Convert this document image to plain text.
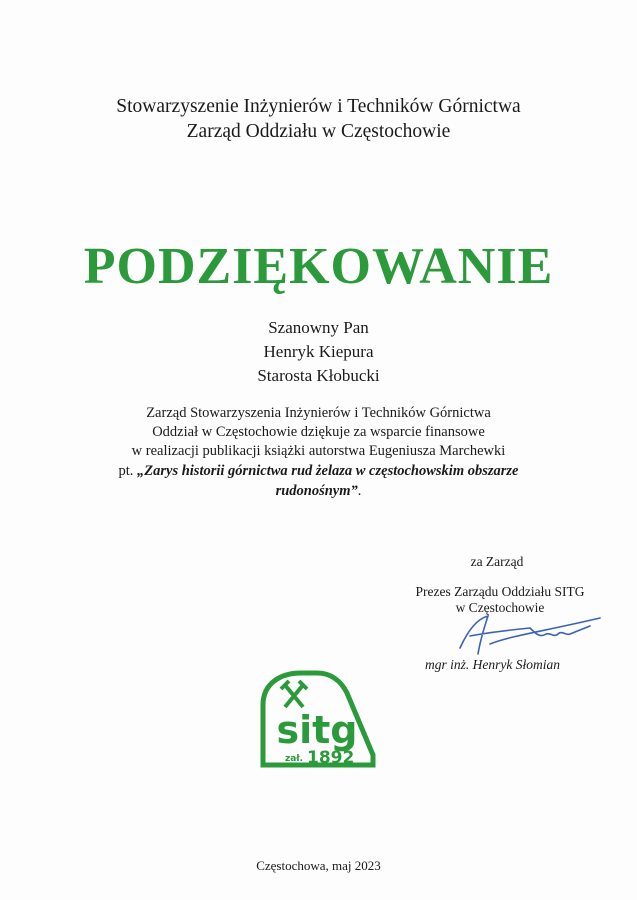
Stowarzyszenie Inżynierów i Techników Górnictwa
Zarząd Oddziału w Częstochowie
PODZIĘKOWANIE
Szanowny Pan
Henryk Kiepura
Starosta Kłobucki
Zarząd Stowarzyszenia Inżynierów i Techników Górnictwa
Oddział w Częstochowie dziękuje za wsparcie finansowe
w realizacji publikacji książki autorstwa Eugeniusza Marchewki
pt. „Zarys historii górnictwa rud żelaza w częstochowskim obszarze
rudonośnym”.
za Zarząd
Prezes Zarządu Oddziału SITG
w Częstochowie
mgr inż. Henryk Słomian
sitg
zał. 1892
Częstochowa, maj 2023
